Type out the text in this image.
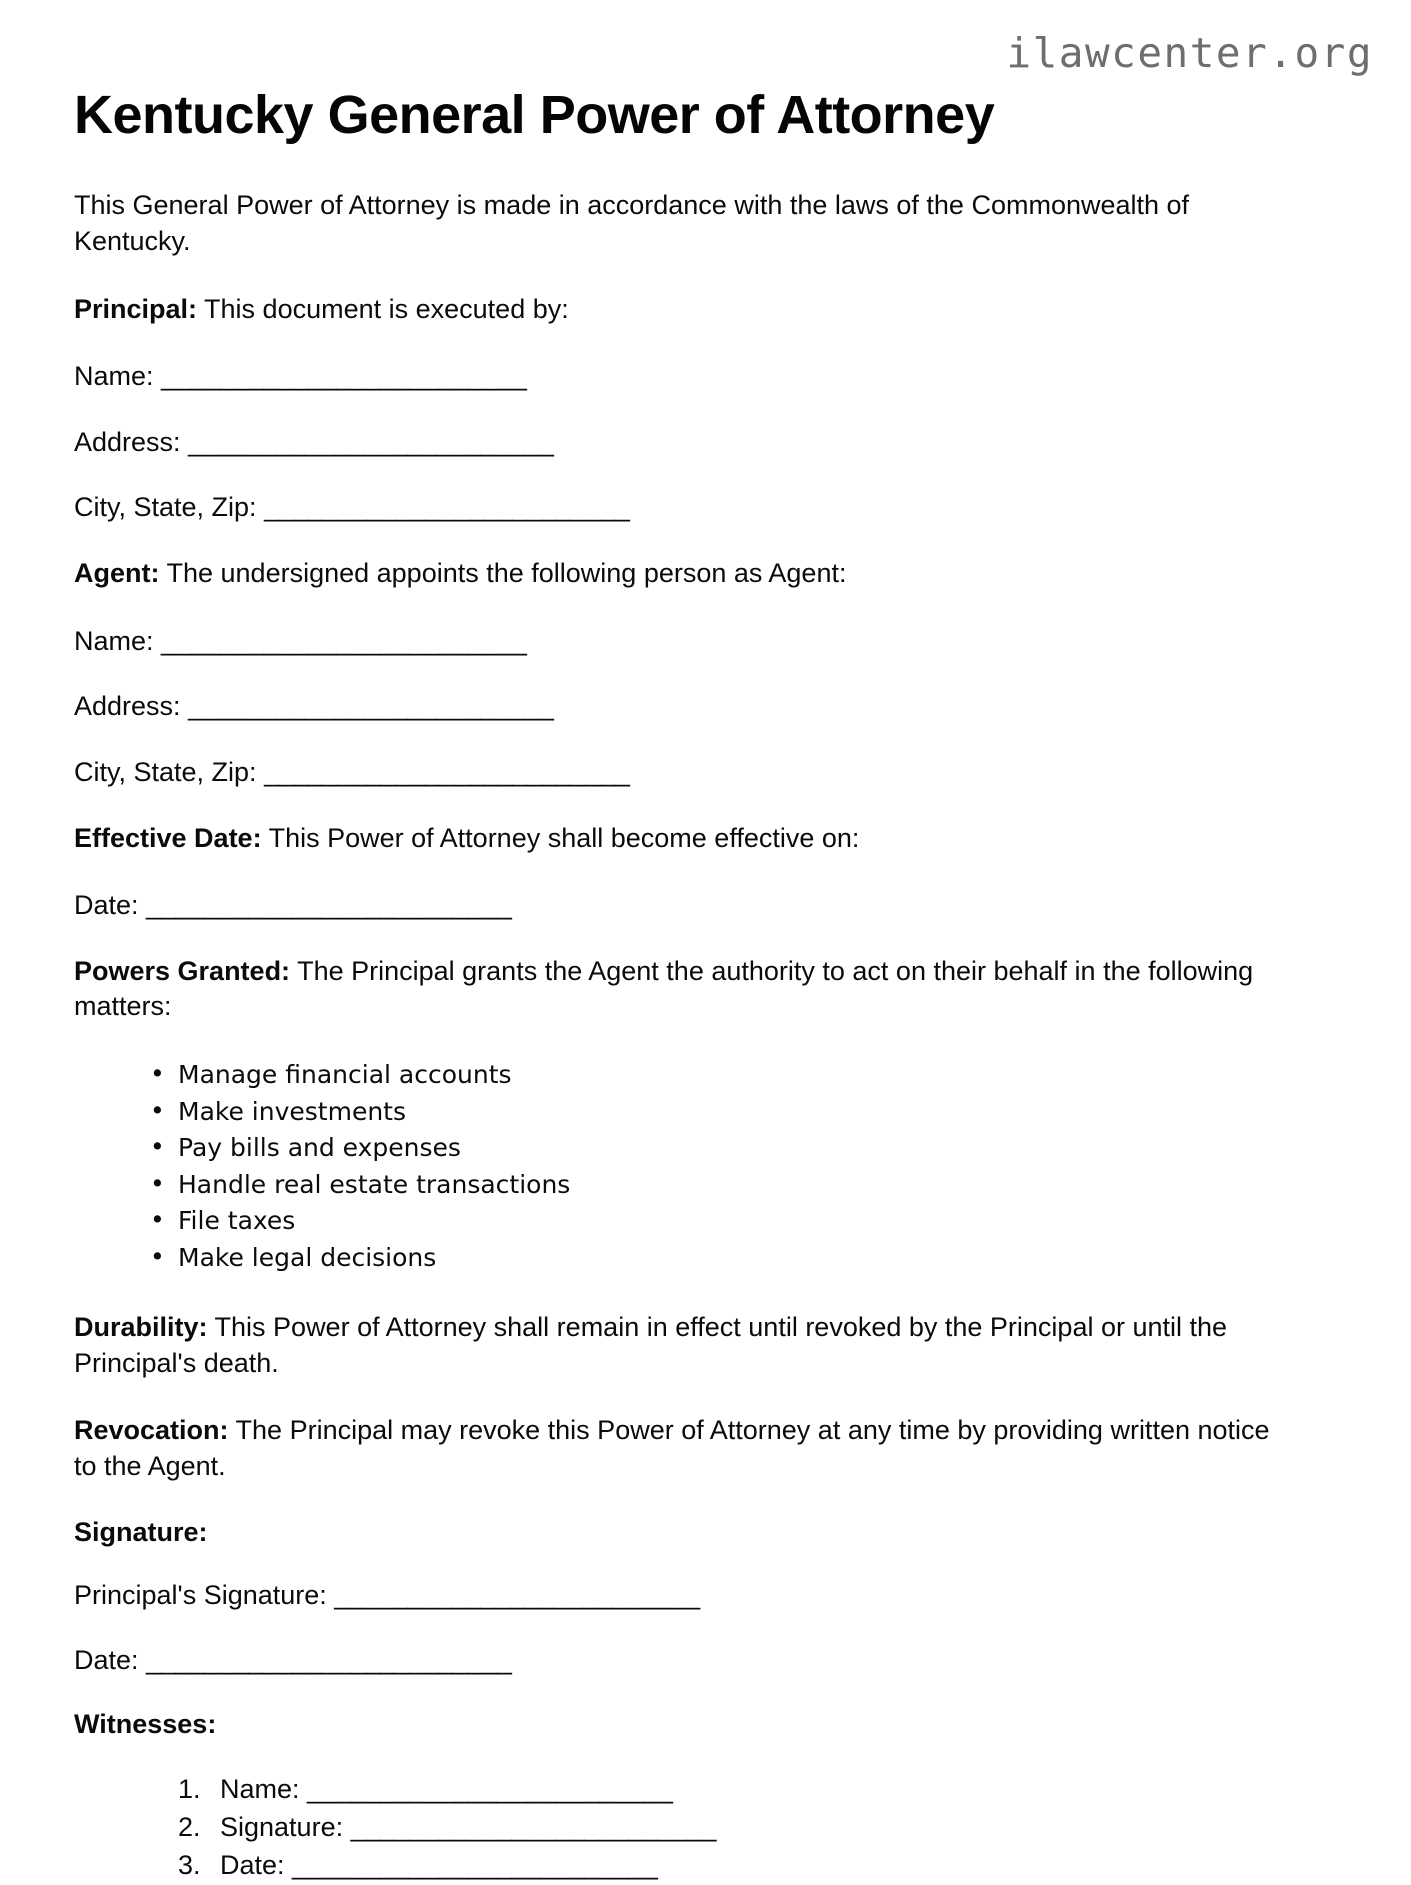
ilawcenter.org
Kentucky General Power of Attorney

This General Power of Attorney is made in accordance with the laws of the Commonwealth of Kentucky.

Principal: This document is executed by:

Name: _________________________

Address: _________________________

City, State, Zip: _________________________

Agent: The undersigned appoints the following person as Agent:

Name: _________________________

Address: _________________________

City, State, Zip: _________________________

Effective Date: This Power of Attorney shall become effective on:

Date: _________________________

Powers Granted: The Principal grants the Agent the authority to act on their behalf in the following matters:

• Manage financial accounts
• Make investments
• Pay bills and expenses
• Handle real estate transactions
• File taxes
• Make legal decisions

Durability: This Power of Attorney shall remain in effect until revoked by the Principal or until the Principal's death.

Revocation: The Principal may revoke this Power of Attorney at any time by providing written notice to the Agent.

Signature:

Principal's Signature: _________________________

Date: _________________________

Witnesses:

Name: _________________________
Signature: _________________________
Date: _________________________
